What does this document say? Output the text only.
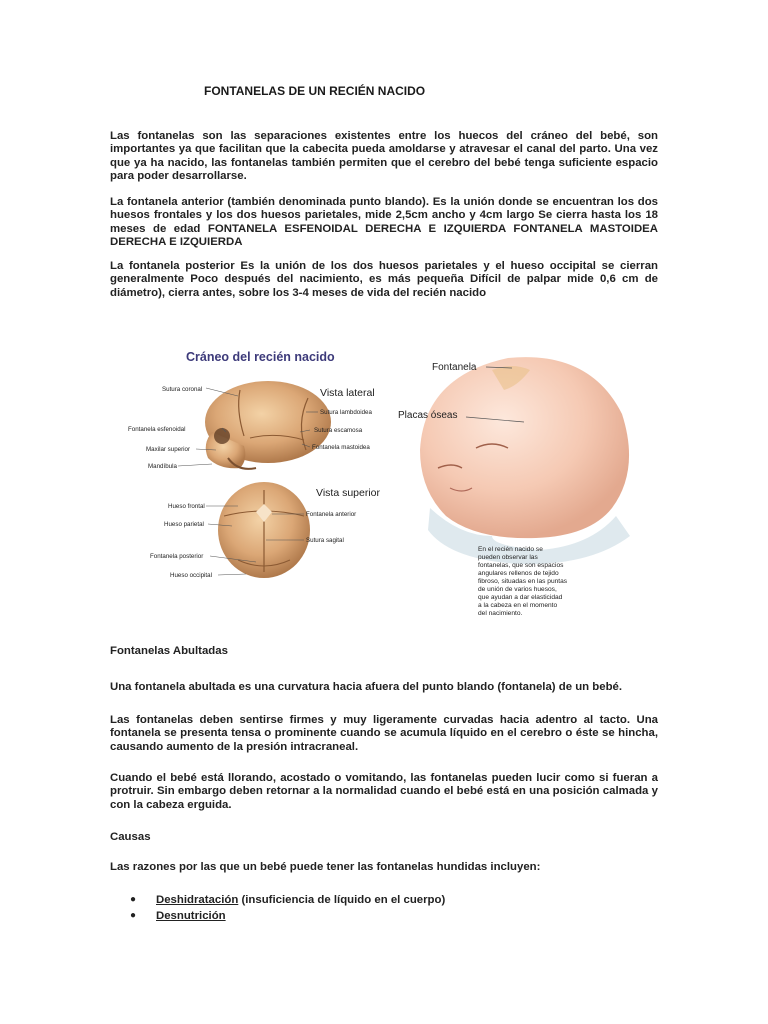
FONTANELAS DE UN RECIÉN NACIDO

Las fontanelas son las separaciones existentes entre los huecos del cráneo del bebé, son importantes ya que facilitan que la cabecita pueda amoldarse y atravesar el canal del parto. Una vez que ya ha nacido, las fontanelas también permiten que el cerebro del bebé tenga suficiente espacio para poder desarrollarse.

La fontanela anterior (también denominada punto blando). Es la unión donde se encuentran los dos huesos frontales y los dos huesos parietales, mide 2,5cm ancho y 4cm largo Se cierra hasta los 18 meses de edad FONTANELA ESFENOIDAL DERECHA E IZQUIERDA FONTANELA MASTOIDEA DERECHA E IZQUIERDA

La fontanela posterior Es la unión de los dos huesos parietales y el hueso occipital se cierran generalmente Poco después del nacimiento, es más pequeña Difícil de palpar mide 0,6 cm de diámetro), cierra antes, sobre los 3-4 meses de vida del recién nacido

Cráneo del recién nacido
Vista lateral
Sutura coronal
Fontanela esfenoidal
Maxilar superior
Mandíbula
Sutura lambdoidea
Sutura escamosa
Fontanela mastoidea
Vista superior
Hueso frontal
Hueso parietal
Fontanela posterior
Hueso occipital
Fontanela anterior
Sutura sagital
Fontanela
Placas óseas
En el recién nacido se
pueden observar las
fontanelas, que son espacios
angulares rellenos de tejido
fibroso, situadas en las puntas
de unión de varios huesos,
que ayudan a dar elasticidad
a la cabeza en el momento
del nacimiento.
Fontanelas Abultadas

Una fontanela abultada es una curvatura hacia afuera del punto blando (fontanela) de un bebé.

Las fontanelas deben sentirse firmes y muy ligeramente curvadas hacia adentro al tacto. Una fontanela se presenta tensa o prominente cuando se acumula líquido en el cerebro o éste se hincha, causando aumento de la presión intracraneal.

Cuando el bebé está llorando, acostado o vomitando, las fontanelas pueden lucir como si fueran a protruir. Sin embargo deben retornar a la normalidad cuando el bebé está en una posición calmada y con la cabeza erguida.

Causas
Las razones por las que un bebé puede tener las fontanelas hundidas incluyen:
● Deshidratación (insuficiencia de líquido en el cuerpo)
● Desnutrición
